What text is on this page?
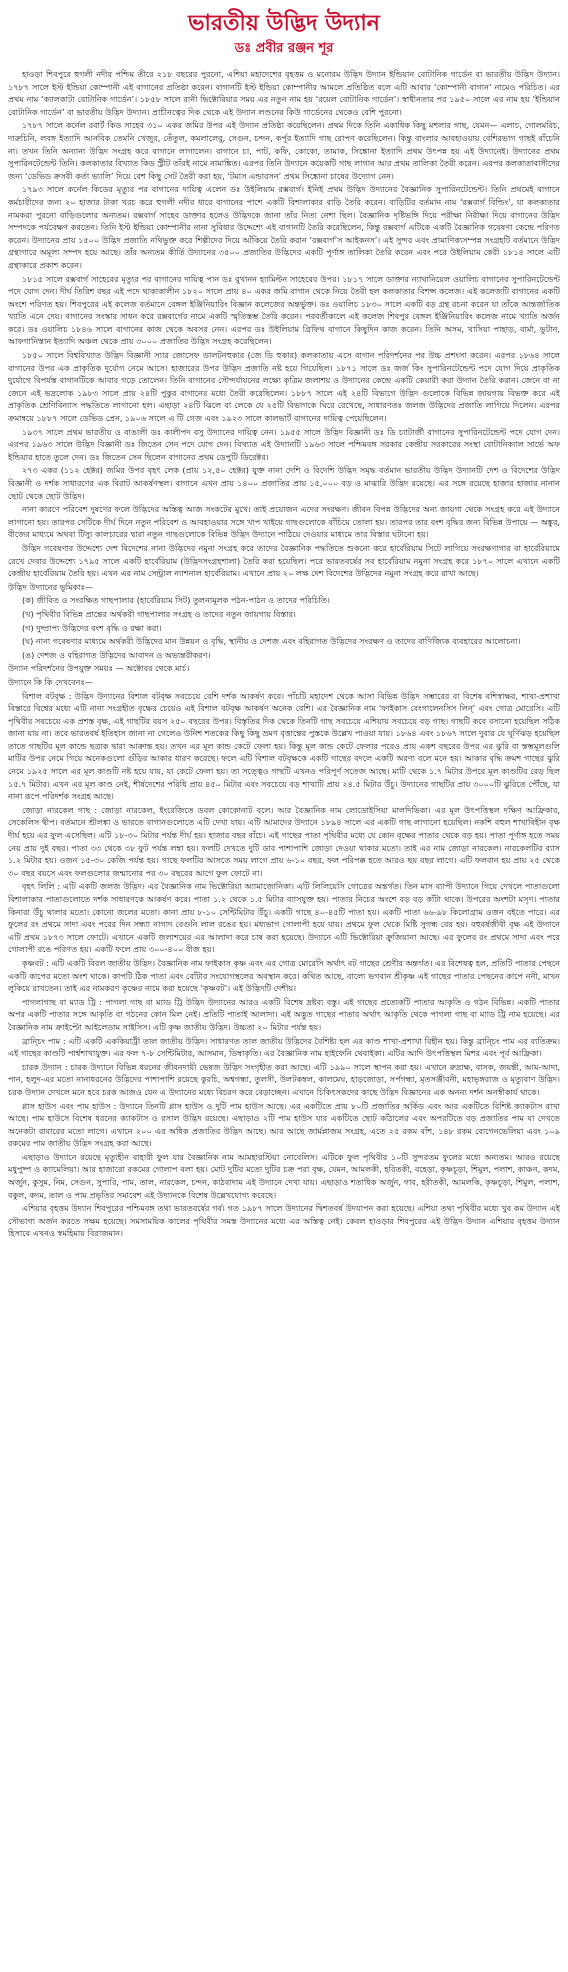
ভারতীয় উদ্ভিদ উদ্যান
ডঃ প্রবীর রঞ্জন শূর

হাওড়া শিবপুরে হুগলী নদীর পশ্চিম তীরে ২১৮ বছরের পুরনো, এশিয়া মহাদেশের বৃহত্তম ও মনোরম উদ্ভিদ উদ্যান ইন্ডিয়ান বোটানিক গার্ডেন বা ভারতীয় উদ্ভিদ উদ্যান। ১৭৮৭ সালে ইস্ট ইন্ডিয়া কোম্পানী এই বাগানের প্রতিষ্ঠা করেন। বাগানটি ইস্ট ইন্ডিয়া কোম্পানীর আমলে প্রতিষ্ঠিত বলে এটি আবার ‘কোম্পানী বাগান’ নামেও পরিচিত। এর প্রথম নাম ‘ক্যালকাটা বোটানিক গার্ডেন’। ১৮৫৮ সালে রানী ভিক্টোরিয়ার সময় এর নতুন নাম হয় ‘রয়েল বোটানিক গার্ডেন’। স্বাধীনতার পর ১৯৫০ সালে এর নাম হয় ‘ইন্ডিয়ান বোটানিক গার্ডেন’ বা ভারতীয় উদ্ভিদ উদ্যান। প্রাচীনত্বের দিক থেকে এই উদ্যান লণ্ডনের কিউ গার্ডেনের থেকেও বেশি পুরনো।

১৭৮৭ সালে কর্নেল রবার্ট কিড সাহেব ৩১০ একর জমির উপর এই উদ্যান প্রতিষ্ঠা করেছিলেন। প্রথম দিকে তিনি একাধিক কিছু মশলার গাছ, যেমন— এলাচ, গোলমরিচ, দারুচিনি, লবঙ্গ ইত্যাদি আনবিক তেমনি খেজুর, তেঁতুল, কমলালেবু, সেগুন, চন্দন, কর্পূর ইত্যাদি গাছ রোপণ করেছিলেন। কিন্তু বাংলার আবহাওয়ায় বেশিরভাগ গাছই বাঁচেনি না। তখন তিনি অন্যান্য উদ্ভিদ সংগ্রহ করে বাগানে লাগালেন। বাগানে চা, পাট, কফি, কোকো, তামাক, সিঙ্কোনা ইত্যাদি প্রথম উৎপন্ন হয় এই উদ্যানেই। উদ্যানের প্রথম সুপারিনটেন্ডেন্ট তিনি। কলকাতার বিখ্যাত কিড স্ট্রীট তাঁরই নামে নামাঙ্কিত। এরপর তিনি উদ্যানে কয়েকটি গাছ লাগান আর প্রথম তালিকা তৈরী করেন। এরপর কলকাতাবাসীদের জন্য ‘ডেভিড ক্রসবী কর্তা ভ্যালি’ দিয়ে বেশ কিছু সেট তৈরী করা হয়, ‘টমাস এন্ডারসন’ প্রথম সিঙ্কোনা চাষের উদ্যোগ নেন।

১৭৯৩ সালে কর্নেল কিডের মৃত্যুর পর বাগানের দায়িত্ব এলেন ডঃ উইলিয়াম রক্সবার্গ। ইনিই প্রথম উদ্ভিদ উদ্যানের বৈজ্ঞানিক সুপারিনটেন্ডেন্ট। তিনি প্রথমেই বাগানে কর্মচারীদের জন্য ২০ হাজার টাকা খরচ করে হুগলী নদীর ধারে বাগানের পাশে একটি বিশালাকার বাড়ি তৈরি করেন। বাড়িটির বর্তমান নাম ‘রক্সবার্গ বিল্ডিং’, যা কলকাতার নামকরা পুরনো বাড়িগুলোর অন্যতম। রক্সবার্গ সাহেব ডাক্তার হলেও উদ্ভিদকে জানা তাঁর নিত্য নেশা ছিল। বৈজ্ঞানিক দৃষ্টিভঙ্গি দিয়ে পরীক্ষা নিরীক্ষা দিয়ে বাগানের উদ্ভিদ সম্পদকে পর্যবেক্ষণ করতেন। তিনি ইস্ট ইন্ডিয়া কোম্পানীর নানা সুবিধার উদ্দেশ্যে এই বাগানটি তৈরি করেছিলেন, কিন্তু রক্সবার্গ এটিকে একটি বৈজ্ঞানিক গবেষণা কেন্দ্রে পরিণত করেন। উদ্যানের প্রায় ১৫০০ উদ্ভিদ প্রজাতি নথিভুক্ত করে শিল্পীদের দিয়ে আঁকিয়ে তৈরি করান ‘রক্সবার্গ’স আইকনস’। এই সুন্দর এবং প্রামাণিক্যসম্পন্ন সংগ্রহটি বর্তমানে উদ্ভিদ গ্রন্থাগারে অমূল্য সম্পদ হয়ে আছে। তাঁর অন্যতম কীর্তি উদ্যানের ৩৫০০ প্রজাতির উদ্ভিদের একটি পূর্ণাঙ্গ তালিকা তৈরি করেন এবং পরে উইলিয়াম কেরী ১৮১৪ সালে এটি গ্রন্থাকারে প্রকাশ করেন।

১৮১৫ সালে রক্সবার্গ সাহেবের মৃত্যুর পর বাগানের দায়িত্ব পান ডঃ বুখানন হ্যামিল্টন সাহেবের উপর। ১৮১৭ সালে ডাক্তার ন্যাথানিয়েল ওয়ালিচ বাগানের সুপারিনটেন্ডেন্ট পদে যোগ দেন। দীর্ঘ তিরিশ বছর এই পদে থাকাকালীন ১৮২০ সালে প্রায় ৪০ একর জমি বাগান থেকে নিয়ে তৈরী হল কলকাতার বিশপ্স কলেজ। এই কলেজটি বাগানের একটি অংশে পরিণত হয়। শিবপুরের এই কলেজ বর্তমানে বেঙ্গল ইঞ্জিনিয়ারিং বিজ্ঞান কলেজের অন্তর্ভুক্ত। ডঃ ওয়ালিচ ১৮৩০ সালে একটি বড় গ্রন্থ রচনা করেন যা তাঁকে আন্তর্জাতিক খ্যাতি এনে দেয়। বাগানের সংস্কার সাধন করে রক্সবার্গের নামে একটি স্মৃতিস্তম্ভ তৈরি করেন। পরবর্তীকালে এই কলেজ শিবপুর বেঙ্গল ইঞ্জিনিয়ারিং কলেজ নামে খ্যাতি অর্জন করে। ডঃ ওয়ালিচ ১৮৪৬ সালে বাগানের কাজ থেকে অবসর নেন। এরপর ডঃ উইলিয়াম গ্রিফিথ বাগানে কিছুদিন কাজ করেন। তিনি অসম, খাসিয়া পাহাড়, বার্মা, ভুটান, আফগানিস্তান ইত্যাদি অঞ্চল থেকে প্রায় ৩০০০ প্রজাতির উদ্ভিদ সংগ্রহ করেছিলেন।

১৮৫০ সালে বিশ্ববিখ্যাত উদ্ভিদ বিজ্ঞানী স্যার জোসেফ ডালটনহুকার (জে ডি হুকার) কলকাতায় এসে বাগান পরিদর্শনের পর উচ্চ প্রশংসা করেন। এরপর ১৮৬৪ সালে বাগানের উপর এক প্রাকৃতিক দুর্যোগ নেমে আসে। হাজারের উপর উদ্ভিদ প্রজাতি নষ্ট হয়ে গিয়েছিল। ১৮৭১ সালে ডঃ জর্জ কিং সুপারিনটেন্ডেন্ট পদে যোগ দিয়ে প্রাকৃতিক দুর্যোগে বিপর্যস্ত বাগানটিকে আবার গড়ে তোলেন। তিনি বাগানের সৌন্দর্যায়নের লক্ষ্যে কৃত্রিম জলাশয় ও উদ্যানের কেন্দ্রে একটি কেয়ারী করা উদ্যান তৈরি করান। জেনে বা না জেনে এই ভদ্রলোক ১৯৮৩ সালে প্রায় ২৪টি পুকুর বাগানের মধ্যে তৈরী করেছিলেন। ১৮৮৭ সালে এই ২৪টি বিভাগে উদ্ভিদ গুলোকে বিভিন্ন জায়গায় বিভক্ত করে এই প্রাকৃতিক শ্রেণিবিন্যাস পদ্ধতিতে লাগানো হল। এছাড়া ২৪টি ঝিলে বা লেকে যে ২৫টি বিভাগকে ঘিরে রেখেছে, সাধারণতঃ জলজ উদ্ভিদের প্রজাতি লাগিয়ে দিলেন। এরপর ক্রমান্বয়ে ১৮৮৭ সালে ডেভিড প্রেন, ১৯০৬ সালে এ টি গেজ এবং ১৯২৩ সালে কালভার্ট বাগানের দায়িত্ব পেয়েছিলেন।

১৯৩৭ সালে প্রথম ভারতীয় ও বাঙালী ডঃ কালীপদ বসু উদ্যানের দায়িত্ব নেন। ১৯৫৫ সালে উদ্ভিদ বিজ্ঞানী ডঃ ডি চ্যাটার্জী বাগানের সুপারিনটেন্ডেন্ট পদে যোগ দেন। এরপর ১৯৬৩ সালে উদ্ভিদ বিজ্ঞানী ডঃ জিতেন সেন পদে যোগ দেন। বিখ্যাত এই উদ্যানটি ১৯৬৩ সালে পশ্চিমবঙ্গ সরকার কেন্দ্রীয় সরকারের সংস্থা বোটানিক্যাল সার্ভে অফ ইন্ডিয়ার হাতে তুলে দেন। ডঃ জিতেন সেন ছিলেন বাগানের প্রথম ডেপুটি ডিরেক্টর।

২৭৩ একর (১১২ হেক্টর) জমির উপর বৃহৎ লেক (প্রায় ১২,৫০ হেক্টর) যুক্ত নানা দেশি ও বিদেশি উদ্ভিদ সমৃদ্ধ বর্তমান ভারতীয় উদ্ভিদ উদ্যানটি দেশ ও বিদেশের উদ্ভিদ বিজ্ঞানী ও দর্শক সাধারণের এক বিরাট আকর্ষণস্থল। বাগানে এখন প্রায় ১৪০০ প্রজাতির প্রায় ১৫,০০০ বড় ও মাঝারি উদ্ভিদ রয়েছে। এর সঙ্গে রয়েছে হাজার হাজার নানান ছোট থেকে ছোট উদ্ভিদ।

নানা কারণে পরিবেশ দুষণের ফলে উদ্ভিদের অস্তিত্ব আজ সংকটের মুখে। তাই প্রয়োজন এদের সংরক্ষণ। জীবন বিপন্ন উদ্ভিদের অন্য জায়গা থেকে সংগ্রহ করে এই উদ্যানে লাগানো হয়। তারপর সেটিকে দীর্ঘ দিনে নতুন পরিবেশ ও আবহাওয়ার সঙ্গে খাপ খাইয়ে গাছগুলোকে বাঁচিয়ে তোলা হয়। তারপর তার বংশ বৃদ্ধির জন্য বিভিন্ন উপায়ে — অঙ্কুর, বীজের মাধ্যমে অথবা টিস্যু কালচারের দ্বারা নতুন গাছগুলোকে বিভিন্ন উদ্ভিদ উদ্যানে পাঠিয়ে দেওয়ার মাধ্যমে তার বিস্তার ঘটানো হয়।

উদ্ভিদ গবেষণার উদ্দেশ্যে দেশ বিদেশের নানা উদ্ভিদের নমুনা সংগ্রহ করে তাদের বৈজ্ঞানিক পদ্ধতিতে শুকনো করে হার্বেরিয়াম সিটে লাগিয়ে সংরক্ষণাগার বা হার্বেরিয়ামে রেখে দেবার উদ্দেশ্যে ১৭৯৫ সালে একটি হার্বেরিয়াম (উদ্ভিদসংগ্রহশালা) তৈরি করা হয়েছিল। পরে ভারতবর্ষের সব হার্বেরিয়াম নমুনা সংগ্রহ করে ১৮৭০ সালে এখানে একটি কেন্দ্রীয় হার্বেরিয়াম তৈরি হয়। এখন এর নাম সেন্ট্রাল ন্যাশনাল হার্বেরিয়াম। এখানে প্রায় ২০ লক্ষ দেশ বিদেশের উদ্ভিদের নমুনা সংগ্রহ করে রাখা আছে।

উদ্ভিদ উদ্যানের ভূমিকাঃ—

(ক) জীবিত ও সংরক্ষিত গাছপালার (হার্বেরিয়াম সিট) তুলনামূলক পঠন-পাঠন ও তাদের পরিচিতি।

(খ) পৃথিবীর বিভিন্ন প্রান্তের অর্থকরী গাছপালার সংগ্রহ ও তাদের নতুন জায়গায় বিস্তার।

(গ) দুষ্প্রাপ্য উদ্ভিদের বংশ বৃদ্ধি ও রক্ষা করা।

(ঘ) নানা গবেষণার মাধ্যমে অর্থকরী উদ্ভিদের মান উন্নয়ন ও বৃদ্ধি, স্থানীয় ও দেশজ এবং বহিরাগত উদ্ভিদের সংরক্ষণ ও তাদের বাণিজ্যিক ব্যবহারের আলোচনা।

(ঙ) দেশজ ও বহিরাগত উদ্ভিদের আবাদন ও অভ্যন্তরীকরণ।

উদ্যান পরিদর্শনের উপযুক্ত সময়ঃ — অক্টোবর থেকে মার্চ।

উদ্যানে কি কি দেখবেনঃ—

বিশাল বটবৃক্ষ : উদ্ভিদ উদ্যানের বিশাল বটবৃক্ষ সবচেয়ে বেশি দর্শক আকর্ষণ করে। পাঁচটি মহাদেশ থেকে আসা বিভিন্ন উদ্ভিদ সম্ভারের বা বিশেষ বশিস্বাক্ষর, শাখা-প্রশাখা বিস্তারে বিশ্বের মধ্যে এটি নানা সংগ্রহীত বৃক্ষের চেয়েও এই বিশাল বটবৃক্ষ আকর্ষণ অনেক বেশি। এর বৈজ্ঞানিক নাম ‘ফাইকাস বেংগালেনসিস লিন্‌’ এবং গোত্র মোরেসি। এটি পৃথিবীর সবচেয়ে এক প্রশস্ত বৃক্ষ, এই গাছটির বয়স ২৫০ বছরের উপর। বিস্তৃতির দিক থেকে তিনটি গাছ সবচেয়ে এশিয়ায় সবচেয়ে বড় গাছ। গাছটি কবে বসানো হয়েছিল সঠিক জানা যায় না। তবে ভারতবর্ষ ইতিহাস জানা না গেলেও উনিশ শতকের কিছু কিছু ভ্রমণ বৃত্তান্তের পুস্তকে উল্লেখ পাওয়া যায়। ১৮৬৪ এবং ১৮৬৭ সালে দুবার যে ঘূর্ণিঝড় হয়েছিল তাতে গাছটির মূল কান্ডে ছত্রাক দ্বারা আক্রান্ত হয়। তখন এর মূল কান্ড কেটে ফেলা হয়। কিন্তু মূল কান্ড কেটে ফেলার পরেও প্রায় একশ বছরের উপর এর ঝুরি বা স্তম্ভমূলগুলি মাটির উপর নেমে গিয়ে অনেকগুলো গুঁড়ির আকার ধারণ করেছে। ফলে এটি বিশাল বটবৃক্ষকে একটি গাছের বদলে একটি অরণ্য বলে মনে হয়। আকার বৃদ্ধি ক্রমশ গাছের ঝুরি নেমে ১৯২৫ সালে এর মূল কাণ্ডটি নষ্ট হয়ে যায়, যা কেটে ফেলা হয়। তা সত্ত্বেও গাছটি এখনও পরিপূর্ণ সতেজ আছে। মাটি থেকে ১.৭ মিটার উপরে মূল কাণ্ডটির বেড় ছিল ১৫.৭ মিটার। এখন এর মূল কাণ্ড নেই, শীর্ষদেশের পরিধি প্রায় ৪৫০ মিটার এবং সবচেয়ে বড় শাখাটি প্রায় ২৪.৫ মিটার উঁচু। উদ্যানের গাছটির প্রায় ৩০০০টি ঝুরিতে পৌঁছে, যা নানা রূপে পরিদর্শক সংগ্রহ আছে।

জোড়া নারকেল গাছ : জোড়া নারকেল, ইংরেজিতে ডবল কোকোনাট বলে। আর বৈজ্ঞানিক নাম লোডোইসিয়া মালদিভিকা। এর মূল উৎপত্তিস্থল দক্ষিণ আফ্রিকার, সেকেলিস দ্বীপ। বর্তমানে শ্রীলঙ্কা ও ভারতে বাগানগুলোতে এটি দেখা যায়। এটি আমাদের উদ্যানে ১৮৯৪ সালে এর একটি গাছ লাগানো হয়েছিল। নকশি বহুল শাখাবিহীন বৃক্ষ দীর্ঘ হয়ে এর ফুল এসেছিল। এটি ১৮-৩০ মিটার পর্যন্ত দীর্ঘ হয়। হাজার বছর বাঁচে। এই গাছের পাতা পৃথিবীর মধ্যে যে কোন বৃক্ষের পাতার থেকে বড় হয়। পাতা পূর্ণাঙ্গ হতে সময় নেয় প্রায় দুই বছর। পাতা ৩৩ থেকে ৩৮ ফুট পর্যন্ত লম্বা হয়। ফলটি দেখতে দুটি ডাব পাশাপাশি জোড়া দেওয়া থাকার মতো। তাই এর নাম জোড়া নারকেল। নারকেলটির ব্যাস ১.২ মিটার হয়। ওজন ১৫-৩০ কেজি পর্যন্ত হয়। গাছে ফলটির আসতে সময় লাগে প্রায় ৬-১০ বছর, ফল পরিপক্ক হতে আরও ছয় বছর লাগে। এটি ফলবান হয় প্রায় ২৫ থেকে ৩০ বছর বয়সে এবং ফলগুলোর জন্মানোর পর ৩০ বছরের আগে ফুল ফোটে না।

বৃহৎ লিলি : এটি একটি জলজ উদ্ভিদ। এর বৈজ্ঞানিক নাম ভিক্টোরিয়া অ্যামাজোনিকা। এটি লিলিয়েসি গোত্রের অন্তর্গত। তিন মাস ব্যাপী উদ্যানে গিয়ে দেখলে পাতাগুলো বিশালাকার পাতাগুলোতে দর্শক সাধারণকে আকর্ষণ করে। পাতা ১.২ থেকে ১.৫ মিটার ব্যাসযুক্ত হয়। পাতার নিচের অংশে বড় বড় কাঁটা থাকে। উপরের অংশটা মসৃণ। পাতার কিনারা উঁচু থালার মতো। কোনো জলের মতো। কানা প্রায় ৮-১০ সেন্টিমিটার উঁচু। একটি গাছে ৪০-৪৫টি পাতা হয়। একটি পাতা ৬৬-৯৮ কিলোগ্রাম ওজন বইতে পারে। এর ফুলের রং প্রথমে সাদা এবং পরের দিন সন্ধ্যা নাগাদ বেগুনি লাল রঙের হয়। মধ্যভাগ গোলাপী হয়ে যায়। প্রথমে ফুল থেকে মিষ্টি সুগন্ধ বের হয়। বহুবর্ষজীবী বৃক্ষ এই উদ্যানে এটি প্রথম ১৮৭৩ সালে ফোটে। এখানে একটি জলাশয়ের এর আলাদা করে চাষ করা হয়েছে। উদ্যানে এটি ভিক্টোরিয়া ক্রুজিয়ানা আছে। এর ফুলের রং প্রথমে সাদা এবং পরে গোলাপী রঙে পরিণত হয়। একটি ফলে প্রায় ৩০০-৪০০ বীজ হয়।

কৃষ্ণবট : এটি একটি বিরল জাতীয় উদ্ভিদ। বৈজ্ঞানিক নাম ফাইকাস কৃষ্ণ এবং এর গোত্র মোরেসি অর্থাৎ বট গাছের শ্রেণীর অন্তর্গত। এর বিশেষত্ব হল, প্রতিটি পাতার পেছনে একটি কাপের মতো অংশ থাকে। কাপটি ঠিক পাতা এবং বোঁটার সংযোগস্থলের অবস্থান করে। কথিত আছে, বাল্যে ভগবান শ্রীকৃষ্ণ এই গাছের পাতার পেছনের কাপে ননী, মাখন লুকিয়ে রাখতেন। তাই এর নামকরণ কৃষ্ণের নামে করা হয়েছে ‘কৃষ্ণবট’। এই উদ্ভিদটি দেশীয়।

পাগলাগাছ বা ম্যাড ট্রি : পাগলা গাছ বা ম্যাড ট্রি উদ্ভিদ উদ্যানের আরও একটি বিশেষ দ্রষ্টব্য বস্তু। এই গাছের প্রত্যেকটি পাতার আকৃতি ও গঠন বিভিন্ন। একটি পাতার অপর একটি পাতার সঙ্গে আকৃতি বা গঠনের কোন মিল নেই। প্রতিটি পাতাই আলাদা। এই অদ্ভুত গাছের পাতার অর্থাৎ আকৃতি থেকে পাগলা গাছ বা ম্যাড ট্রি নাম হয়েছে। এর বৈজ্ঞানিক নাম ক্রাইপ্টো আইলেডাম সাইসিস। এটি কৃষ্ণ জাতীয় উদ্ভিদ। উচ্চতা ২০ মিটার পর্যন্ত হয়।

ব্রান্চিং পাম : এটি একটি এককিয়াট্রী তাল জাতীয় উদ্ভিদ। সাধারণত তাল জাতীয় উদ্ভিদের বৈশিষ্ট্য হল এর কাণ্ড শাখা-প্রশাখা বিহীন হয়। কিন্তু ব্রান্চিং পাম এর ব্যতিক্রম। এই গাছের কাণ্ডটি পার্শ্বশাখাযুক্ত। এর ফল ৭-৮ সেন্টিমিটার, আসমান, ডিম্বাকৃতি। এর বৈজ্ঞানিক নাম হাইফেনি থেবাইকা। এটির আদি উৎপত্তিস্থল মিশর এবং পূর্ব আফ্রিকা।

চারক উদ্যান : চারক উদ্যানে বিভিন্ন ধরনের জীবনদায়ী ভেষজ উদ্ভিদ সংগৃহীত করা আছে। এটি ১৯৯০ সালে স্থাপন করা হয়। এখানে রুদ্রাক্ষ, বাসক, জয়ন্তী, আম-আদা, পান, হলুদ-এর মতো নানাধরনের উদ্ভিদের পাশাপাশি রয়েছে কুরচি, অশ্বগন্ধা, তুলসী, উলটকম্বল, কালমেঘ, হাড়জোড়া, সর্পগন্ধা, মৃতসঞ্জীবনী, মহাভৃঙ্গরাজ ও মৃত্যুবাণ উদ্ভিদ। চরক উদ্যান দেখলে মনে হবে চরক আজও যেন এ উদ্যানের মধ্যে বিচরণ করে বেড়াচ্ছেন। এখানে চিকিৎসকদের কাছে উদ্ভিদ বিজ্ঞানের এক অনন্য দর্শন অনস্বীকার্য থাকে।

গ্লাস হাউস এবং পাম হাউস : উদ্যানে তিনটি গ্লাস হাউস ও দুটি পাম হাউস আছে। এর একটিতে প্রায় ৮০টি প্রজাতির অর্কিড এবং আর একটিতে বিশিষ্ট ক্যাকটাস রাখা আছে। পাম হাউসে বিশেষ ধরনের ক্যাকটাস ও রসাল উদ্ভিদ রয়েছে। এছাড়াও ২টি পাম হাউস যার একটিতে ছোট কাঁঠালের এবং অপরটিতে বড় প্রজাতির পাম যা দেখতে অনেকটা রাবারের মতো লাগে। এখানে ২০০ এর অধিক প্রজাতির উদ্ভিদ আছে। আর আছে জার্মপ্লাজম সংগ্রহ, এতে ২৫ রকম বাঁশ, ১৪৮ রকম বোগেনভেলিয়া এবং ১০৯ রকমের পাম জাতীয় উদ্ভিদ সংগ্রহ করা আছে।

এছাড়াও উদ্যানে রয়েছে মৃত্যুহীন বাহারী ফুল যার বৈজ্ঞানিক নাম আমহারস্টিয়া নোবেলিস। এটিকে ফুল পৃথিবীর ১০টি সুন্দরতম ফুলের মধ্যে অন্যতম। আরও রয়েছে মধুপুষ্প ও ক্যামেলিয়া। আর হাজারো রকমের গোলাপ বলা হয়। মোট দুটির মতো দুটির চক্র পরা বৃক্ষ, যেমন, আমলকী, হরিতকী, বহেড়া, কৃষ্ণচূড়া, শিমুল, পলাশ, কাঞ্চন, কদম, অর্জুন, কুসুম, নিম, সেগুন, সুপারি, পাম, তাল, নারকেল, চন্দন, কাঠবাদাম এই উদ্যানে দেখা যায়। এছাড়াও শতাধিক অর্জুন, গাব, হরীতকী, আমলকি, কৃষ্ণচূড়া, শিমুল, পলাশ, বকুল, কদম, তাল ও পাম প্রভৃতির সমাবেশ এই উদ্যানকে বিশেষ উল্লেখযোগ্য করেছে।

এশিয়ার বৃহত্তম উদ্যান শিবপুরের পশ্চিমবঙ্গ তথা ভারতবর্ষের গর্ব। গত ১৯৮৭ সালে উদ্যানের দ্বিশতবর্ষ উদযাপন করা হয়েছে। এশিয়া তথা পৃথিবীর মধ্যে খুব কম উদ্যান এই সৌভাগ্য অর্জন করতে সক্ষম হয়েছে। সমসাময়িক কালের পৃথিবীর সমস্ত উদ্যানের মধ্যে এর অস্তিত্ব নেই। কেবল হাওড়ার শিবপুরের এই উদ্ভিদ উদ্যান এশিয়ার বৃহত্তম উদ্যান হিসাবে এখনও স্বমহিমায় বিরাজমান।
